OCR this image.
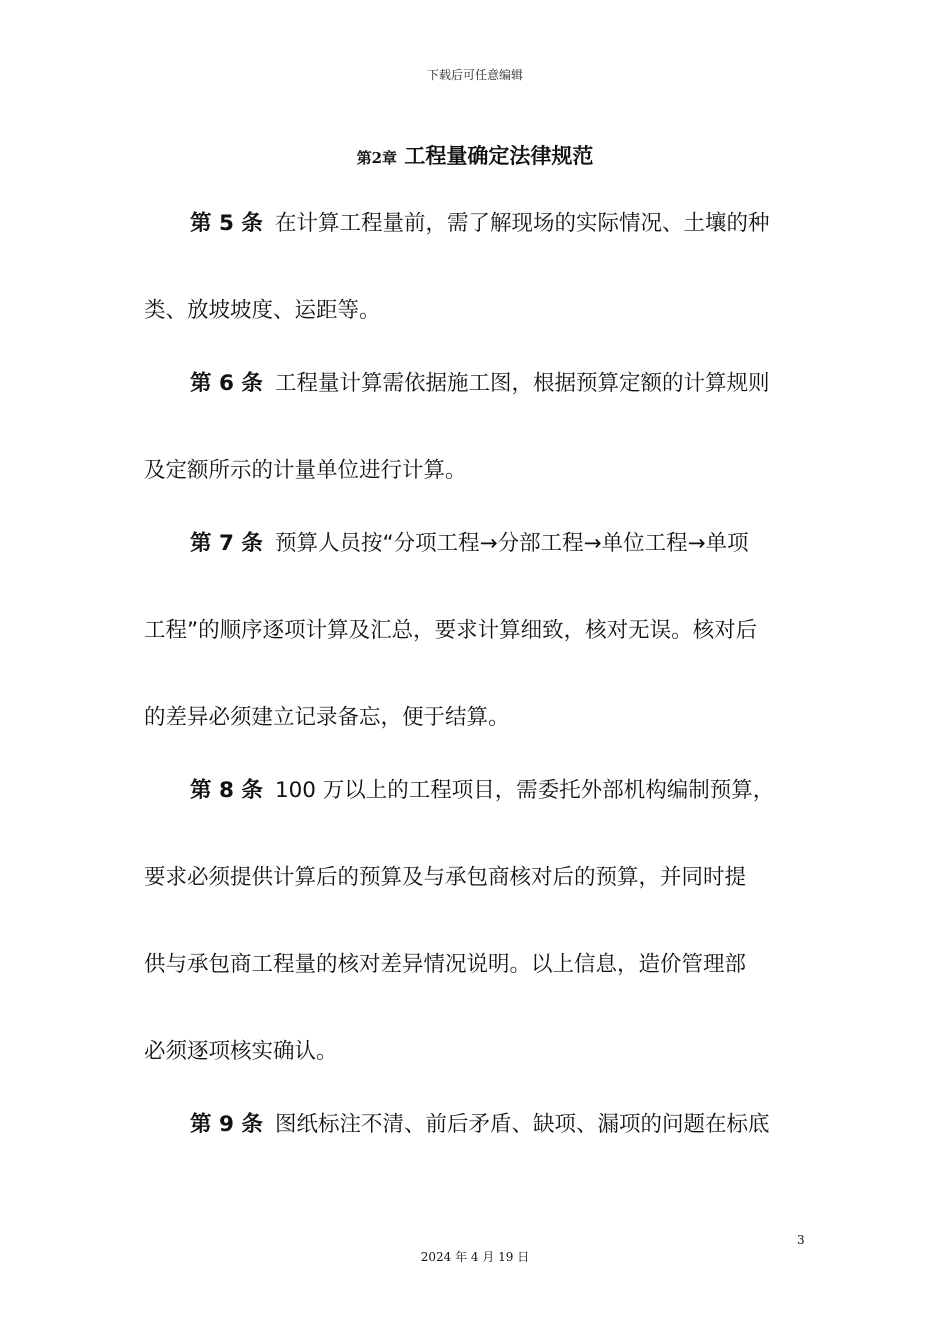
下载后可任意编辑
第2章 工程量确定法律规范
第 5 条 在计算工程量前，需了解现场的实际情况、土壤的种
类、放坡坡度、运距等。
第 6 条 工程量计算需依据施工图，根据预算定额的计算规则
及定额所示的计量单位进行计算。
第 7 条 预算人员按“分项工程→分部工程→单位工程→单项
工程”的顺序逐项计算及汇总，要求计算细致，核对无误。核对后
的差异必须建立记录备忘，便于结算。
第 8 条 100 万以上的工程项目，需委托外部机构编制预算，
要求必须提供计算后的预算及与承包商核对后的预算，并同时提
供与承包商工程量的核对差异情况说明。以上信息，造价管理部
必须逐项核实确认。
第 9 条 图纸标注不清、前后矛盾、缺项、漏项的问题在标底
3
2024 年 4 月 19 日
